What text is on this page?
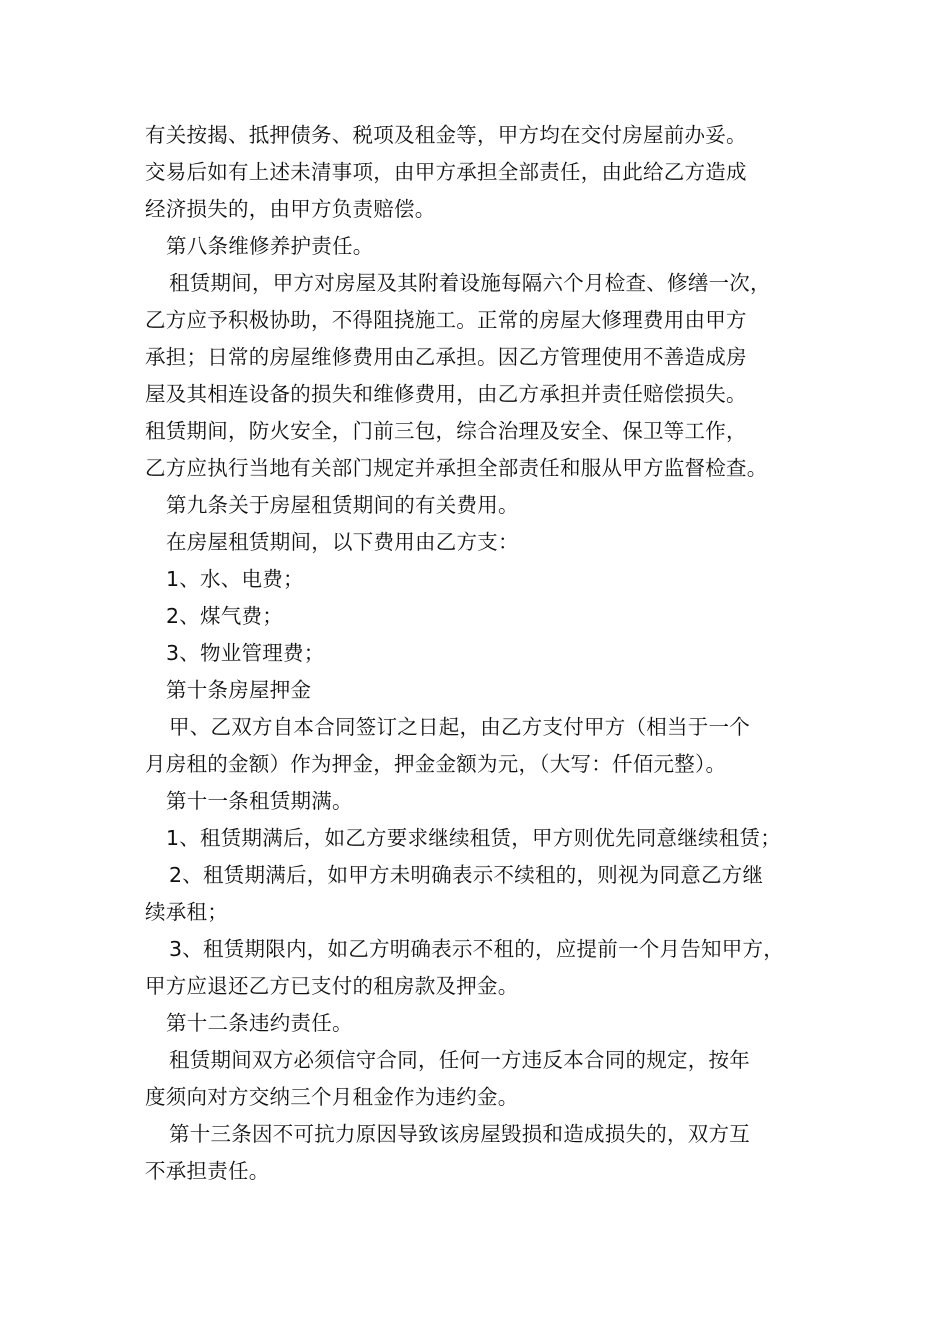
有关按揭、抵押债务、税项及租金等，甲方均在交付房屋前办妥。
交易后如有上述未清事项，由甲方承担全部责任，由此给乙方造成
经济损失的，由甲方负责赔偿。
第八条维修养护责任。
租赁期间，甲方对房屋及其附着设施每隔六个月检查、修缮一次，
乙方应予积极协助，不得阻挠施工。正常的房屋大修理费用由甲方
承担；日常的房屋维修费用由乙承担。因乙方管理使用不善造成房
屋及其相连设备的损失和维修费用，由乙方承担并责任赔偿损失。
租赁期间，防火安全，门前三包，综合治理及安全、保卫等工作，
乙方应执行当地有关部门规定并承担全部责任和服从甲方监督检查。
第九条关于房屋租赁期间的有关费用。
在房屋租赁期间，以下费用由乙方支：
1、水、电费；
2、煤气费；
3、物业管理费；
第十条房屋押金
甲、乙双方自本合同签订之日起，由乙方支付甲方（相当于一个
月房租的金额）作为押金，押金金额为元，（大写：仟佰元整）。
第十一条租赁期满。
1、租赁期满后，如乙方要求继续租赁，甲方则优先同意继续租赁；
2、租赁期满后，如甲方未明确表示不续租的，则视为同意乙方继
续承租；
3、租赁期限内，如乙方明确表示不租的，应提前一个月告知甲方，
甲方应退还乙方已支付的租房款及押金。
第十二条违约责任。
租赁期间双方必须信守合同，任何一方违反本合同的规定，按年
度须向对方交纳三个月租金作为违约金。
第十三条因不可抗力原因导致该房屋毁损和造成损失的，双方互
不承担责任。
